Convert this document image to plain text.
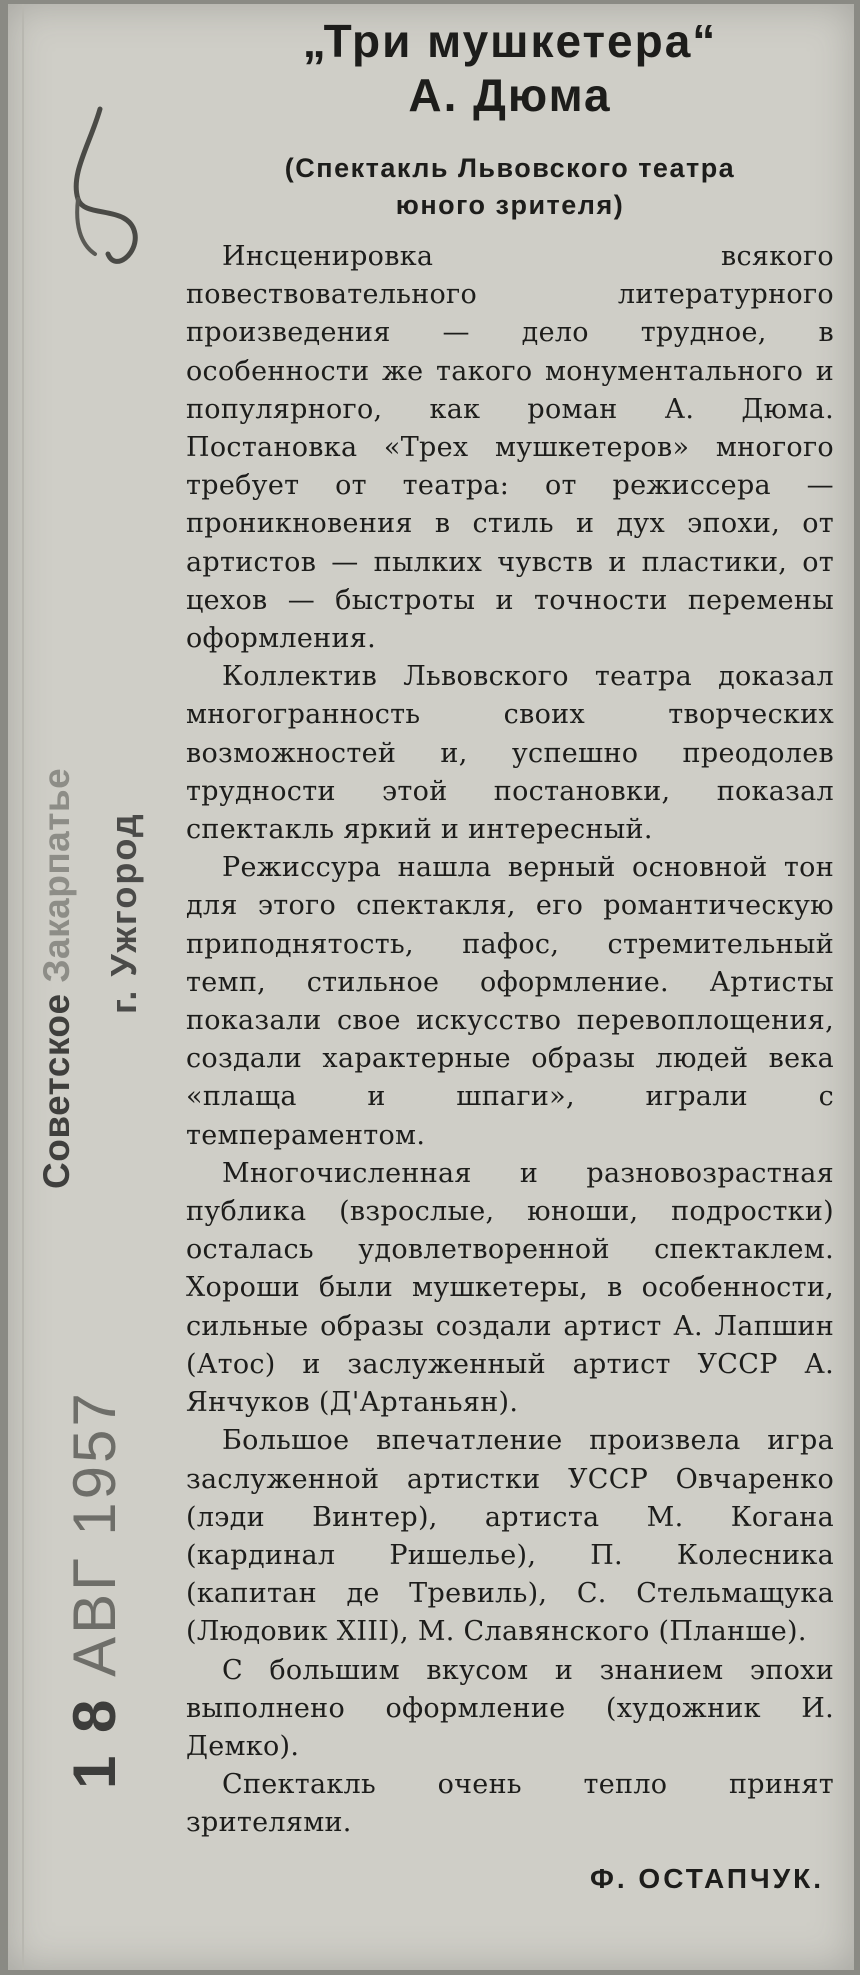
Советское Закарпатье г. Ужгород
1 8 АВГ 1957
„Три мушкетера“
А. Дюма
(Спектакль Львовского театра
юного зрителя)

Инсценировка всякого повествовательного литературного произведения — дело трудное, в особенности же такого монументального и популярного, как роман А. Дюма. Постановка «Трех мушкетеров» многого требует от театра: от режиссера — проникновения в стиль и дух эпохи, от артистов — пылких чувств и пластики, от цехов — быстроты и точности перемены оформления.

Коллектив Львовского театра доказал многогранность своих творческих возможностей и, успешно преодолев трудности этой постановки, показал спектакль яркий и интересный.

Режиссура нашла верный основной тон для этого спектакля, его романтическую приподнятость, пафос, стремительный темп, стильное оформление. Артисты показали свое искусство перевоплощения, создали характерные образы людей века «плаща и шпаги», играли с темпераментом.

Многочисленная и разновозрастная публика (взрослые, юноши, подростки) осталась удовлетворенной спектаклем. Хороши были мушкетеры, в особенности, сильные образы создали артист А. Лапшин (Атос) и заслуженный артист УССР А. Янчуков (Д'Артаньян).

Большое впечатление произвела игра заслуженной артистки УССР Овчаренко (лэди Винтер), артиста М. Когана (кардинал Ришелье), П. Колесника (капитан де Тревиль), С. Стельмащука (Людовик XIII), М. Славянского (Планше).

С большим вкусом и знанием эпохи выполнено оформление (художник И. Демко).

Спектакль очень тепло принят зрителями.

Ф. ОСТАПЧУК.
